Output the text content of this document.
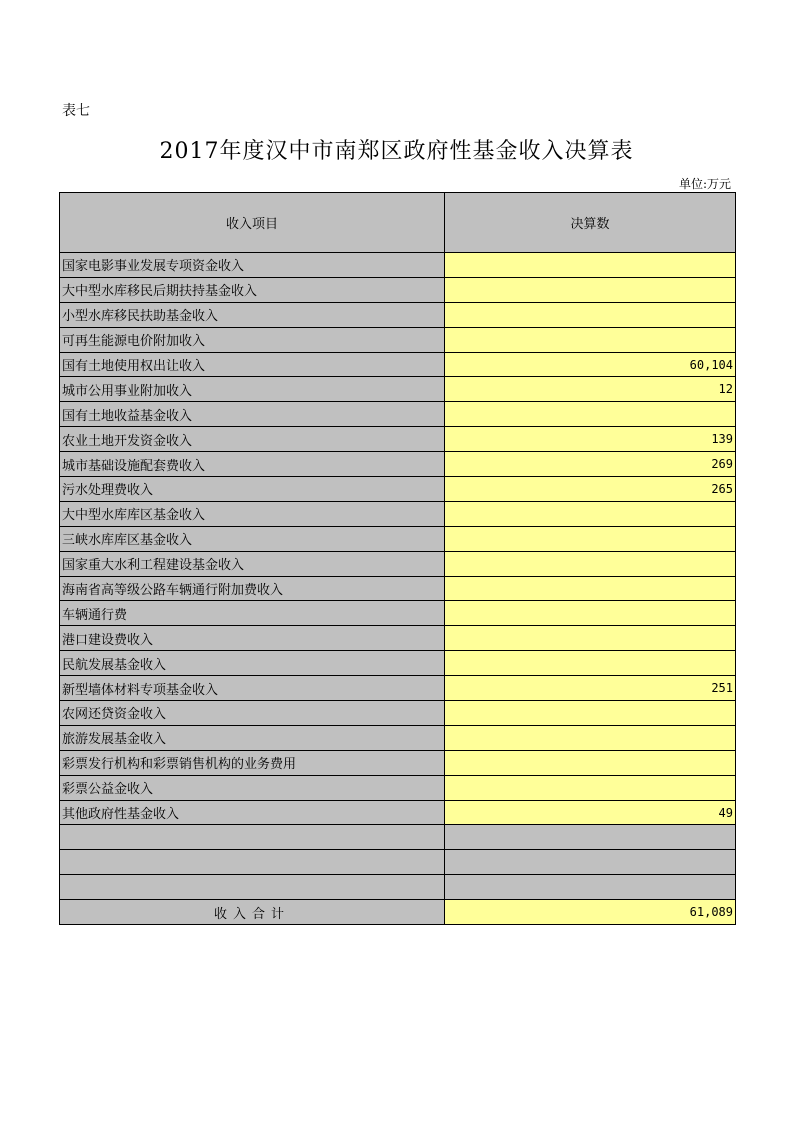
表七
2017年度汉中市南郑区政府性基金收入决算表
单位:万元
收入项目	决算数
国家电影事业发展专项资金收入	
大中型水库移民后期扶持基金收入	
小型水库移民扶助基金收入	
可再生能源电价附加收入	
国有土地使用权出让收入	60,104
城市公用事业附加收入	12
国有土地收益基金收入	
农业土地开发资金收入	139
城市基础设施配套费收入	269
污水处理费收入	265
大中型水库库区基金收入	
三峡水库库区基金收入	
国家重大水利工程建设基金收入	
海南省高等级公路车辆通行附加费收入	
车辆通行费	
港口建设费收入	
民航发展基金收入	
新型墙体材料专项基金收入	251
农网还贷资金收入	
旅游发展基金收入	
彩票发行机构和彩票销售机构的业务费用	
彩票公益金收入	
其他政府性基金收入	49

收入合计	61,089
